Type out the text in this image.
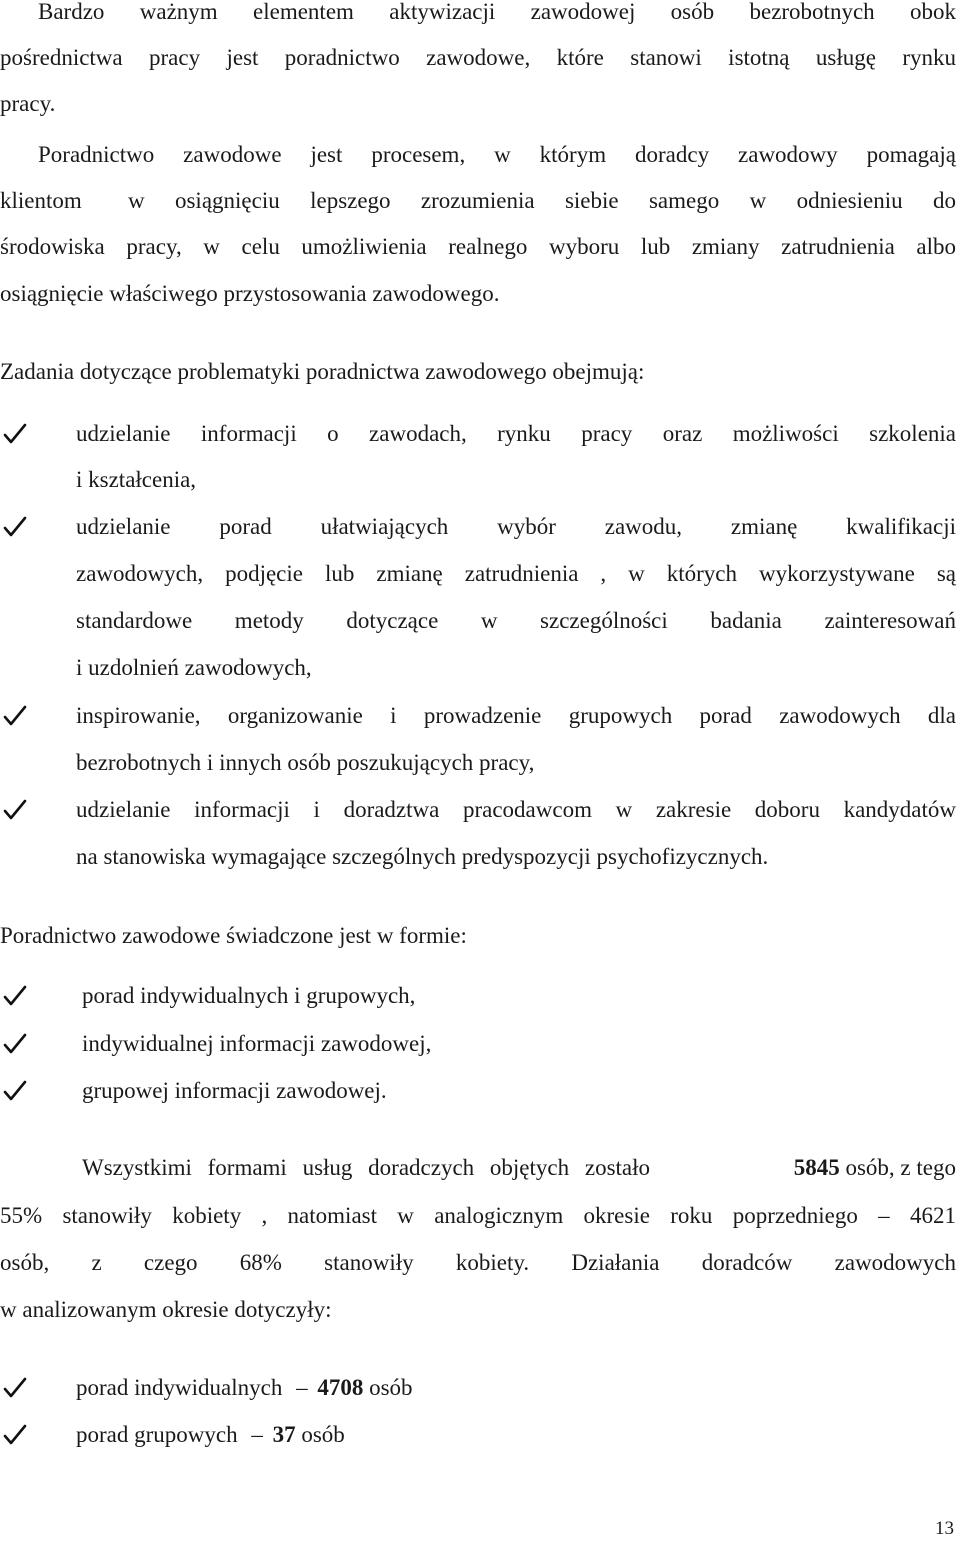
Bardzo ważnym elementem aktywizacji zawodowej osób bezrobotnych obok

pośrednictwa pracy jest poradnictwo zawodowe, które stanowi istotną usługę rynku

pracy.

Poradnictwo zawodowe jest procesem, w którym doradcy zawodowy pomagają

klientom w osiągnięciu lepszego zrozumienia siebie samego w odniesieniu do

środowiska pracy, w celu umożliwienia realnego wyboru lub zmiany zatrudnienia albo

osiągnięcie właściwego przystosowania zawodowego.

Zadania dotyczące problematyki poradnictwa zawodowego obejmują:

udzielanie informacji o zawodach, rynku pracy oraz możliwości szkolenia

i kształcenia,

udzielanie porad ułatwiających wybór zawodu, zmianę kwalifikacji

zawodowych, podjęcie lub zmianę zatrudnienia , w których wykorzystywane są

standardowe metody dotyczące w szczególności badania zainteresowań

i uzdolnień zawodowych,

inspirowanie, organizowanie i prowadzenie grupowych porad zawodowych dla

bezrobotnych i innych osób poszukujących pracy,

udzielanie informacji i doradztwa pracodawcom w zakresie doboru kandydatów

na stanowiska wymagające szczególnych predyspozycji psychofizycznych.

Poradnictwo zawodowe świadczone jest w formie:

porad indywidualnych i grupowych,

indywidualnej informacji zawodowej,

grupowej informacji zawodowej.

Wszystkimi formami usług doradczych objętych zostało	5845 osób, z tego

55% stanowiły kobiety , natomiast w analogicznym okresie roku poprzedniego – 4621

osób, z czego 68% stanowiły kobiety. Działania doradców zawodowych

w analizowanym okresie dotyczyły:

porad indywidualnych – 4708 osób

porad grupowych – 37 osób

13
